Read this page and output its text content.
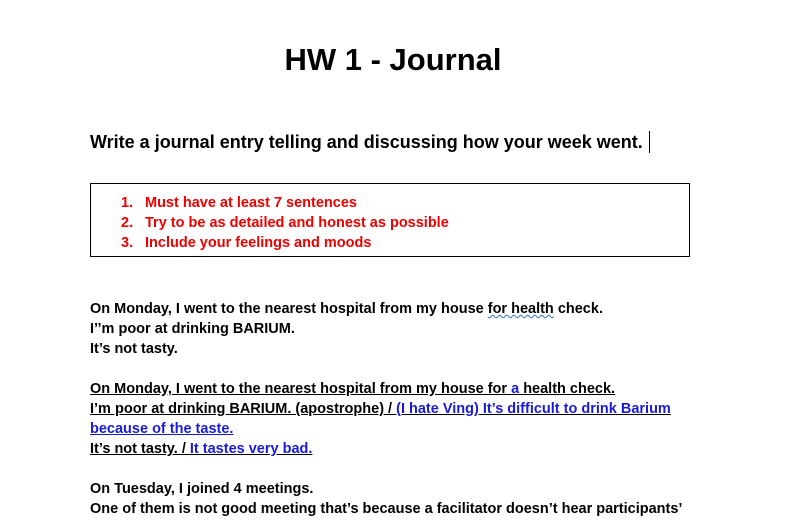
HW 1 - Journal
Write a journal entry telling and discussing how your week went.
1. Must have at least 7 sentences
2. Try to be as detailed and honest as possible
3. Include your feelings and moods
On Monday, I went to the nearest hospital from my house for health check.
I’’m poor at drinking BARIUM.
It’s not tasty.
On Monday, I went to the nearest hospital from my house for a health check.
I’m poor at drinking BARIUM. (apostrophe) / (I hate Ving) It’s difficult to drink Barium
because of the taste.
It’s not tasty. / It tastes very bad.
On Tuesday, I joined 4 meetings.
One of them is not good meeting that’s because a facilitator doesn’t hear participants’
